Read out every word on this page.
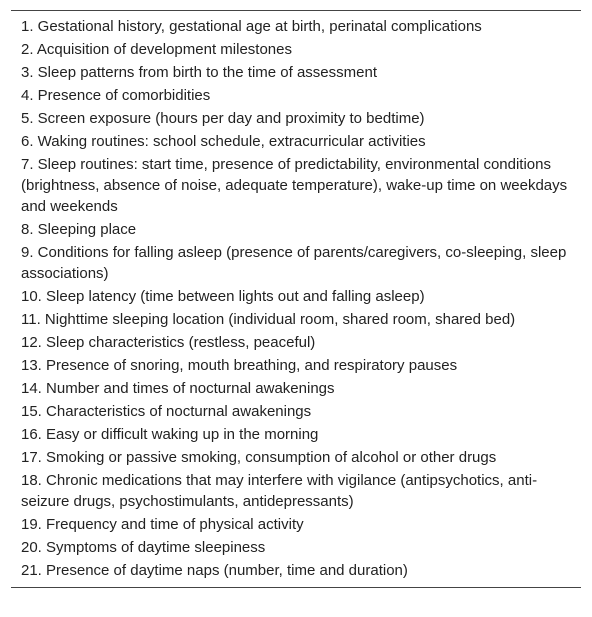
1. Gestational history, gestational age at birth, perinatal complications
2. Acquisition of development milestones
3. Sleep patterns from birth to the time of assessment
4. Presence of comorbidities
5. Screen exposure (hours per day and proximity to bedtime)
6. Waking routines: school schedule, extracurricular activities
7. Sleep routines: start time, presence of predictability, environmental conditions (brightness, absence of noise, adequate temperature), wake-up time on weekdays and weekends
8. Sleeping place
9. Conditions for falling asleep (presence of parents/caregivers, co-sleeping, sleep associations)
10. Sleep latency (time between lights out and falling asleep)
11. Nighttime sleeping location (individual room, shared room, shared bed)
12. Sleep characteristics (restless, peaceful)
13. Presence of snoring, mouth breathing, and respiratory pauses
14. Number and times of nocturnal awakenings
15. Characteristics of nocturnal awakenings
16. Easy or difficult waking up in the morning
17. Smoking or passive smoking, consumption of alcohol or other drugs
18. Chronic medications that may interfere with vigilance (antipsychotics, anti-seizure drugs, psychostimulants, antidepressants)
19. Frequency and time of physical activity
20. Symptoms of daytime sleepiness
21. Presence of daytime naps (number, time and duration)
